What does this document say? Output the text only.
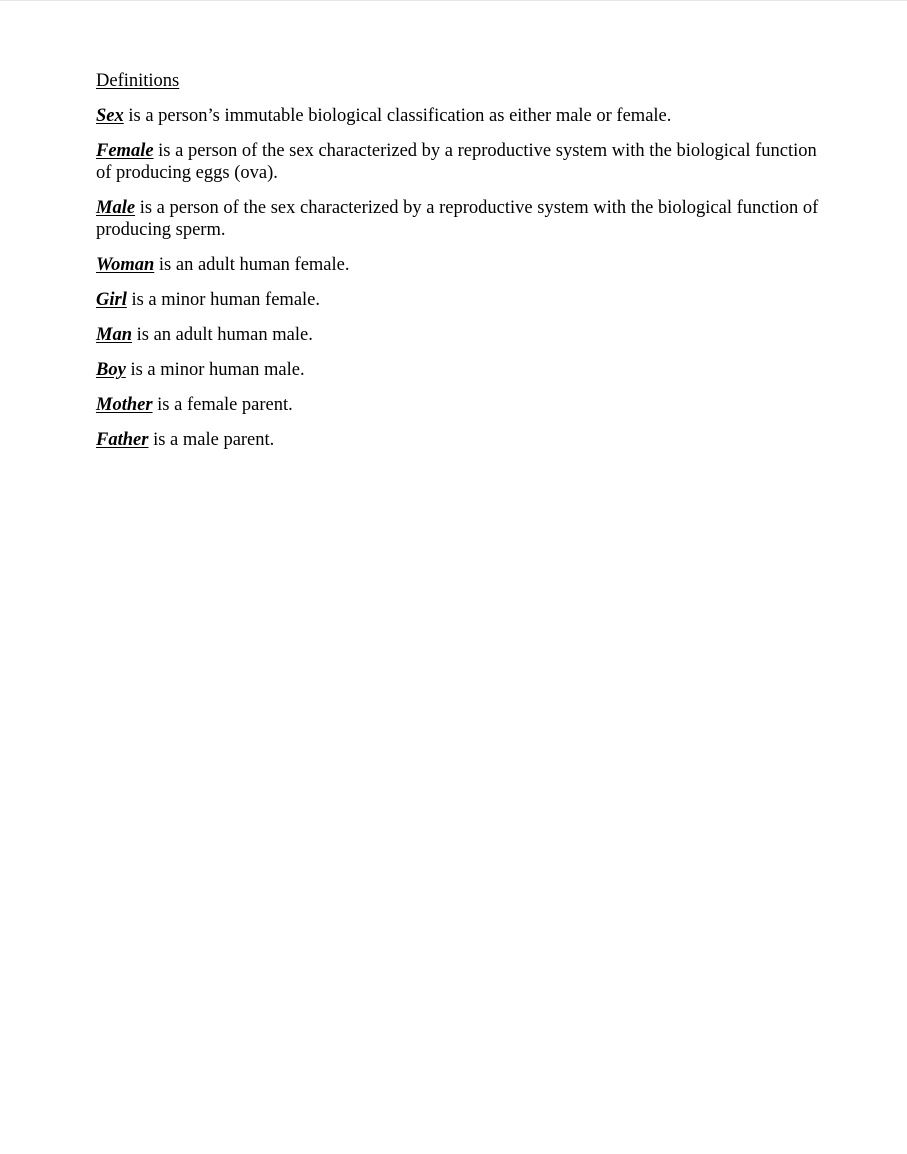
Definitions

Sex is a person’s immutable biological classification as either male or female.

Female is a person of the sex characterized by a reproductive system with the biological function of producing eggs (ova).

Male is a person of the sex characterized by a reproductive system with the biological function of producing sperm.

Woman is an adult human female.

Girl is a minor human female.

Man is an adult human male.

Boy is a minor human male.

Mother is a female parent.

Father is a male parent.
